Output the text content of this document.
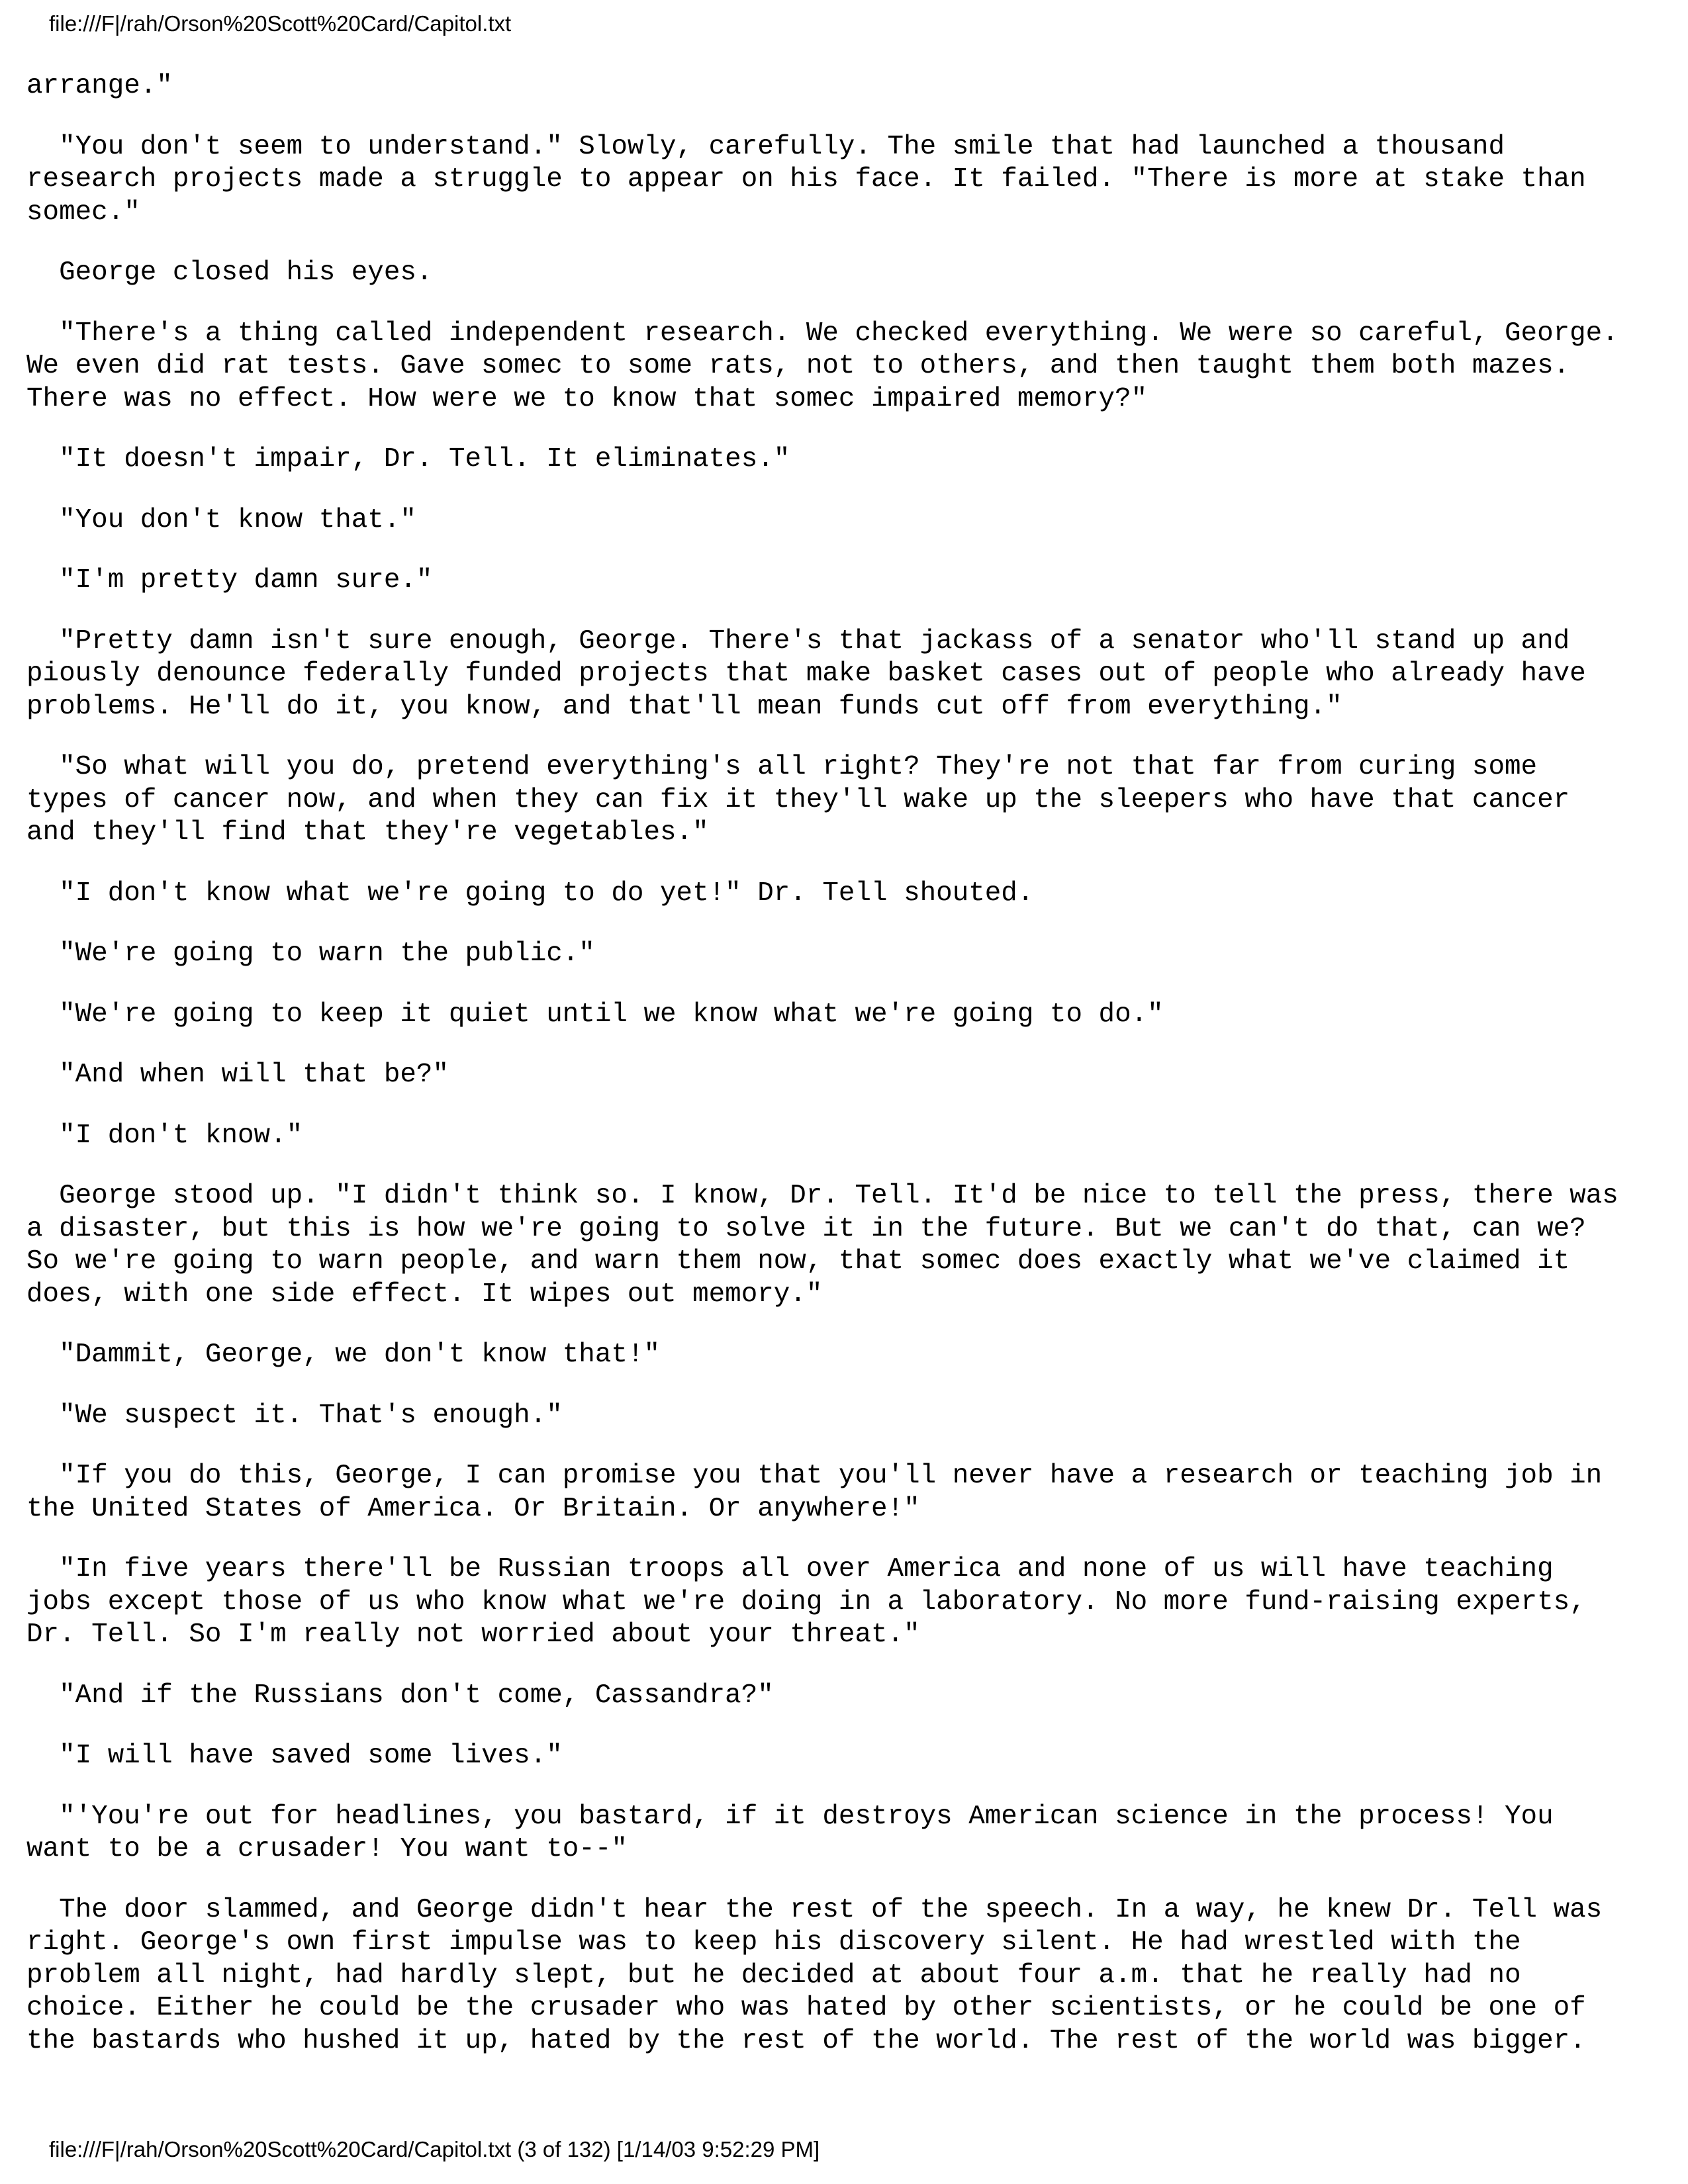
file:///F|/rah/Orson%20Scott%20Card/Capitol.txt

arrange."

"You don't seem to understand." Slowly, carefully. The smile that had launched a thousand
research projects made a struggle to appear on his face. It failed. "There is more at stake than
somec."

George closed his eyes.

"There's a thing called independent research. We checked everything. We were so careful, George.
We even did rat tests. Gave somec to some rats, not to others, and then taught them both mazes.
There was no effect. How were we to know that somec impaired memory?"

"It doesn't impair, Dr. Tell. It eliminates."

"You don't know that."

"I'm pretty damn sure."

"Pretty damn isn't sure enough, George. There's that jackass of a senator who'll stand up and
piously denounce federally funded projects that make basket cases out of people who already have
problems. He'll do it, you know, and that'll mean funds cut off from everything."

"So what will you do, pretend everything's all right? They're not that far from curing some
types of cancer now, and when they can fix it they'll wake up the sleepers who have that cancer
and they'll find that they're vegetables."

"I don't know what we're going to do yet!" Dr. Tell shouted.

"We're going to warn the public."

"We're going to keep it quiet until we know what we're going to do."

"And when will that be?"

"I don't know."

George stood up. "I didn't think so. I know, Dr. Tell. It'd be nice to tell the press, there was
a disaster, but this is how we're going to solve it in the future. But we can't do that, can we?
So we're going to warn people, and warn them now, that somec does exactly what we've claimed it
does, with one side effect. It wipes out memory."

"Dammit, George, we don't know that!"

"We suspect it. That's enough."

"If you do this, George, I can promise you that you'll never have a research or teaching job in
the United States of America. Or Britain. Or anywhere!"

"In five years there'll be Russian troops all over America and none of us will have teaching
jobs except those of us who know what we're doing in a laboratory. No more fund-raising experts,
Dr. Tell. So I'm really not worried about your threat."

"And if the Russians don't come, Cassandra?"

"I will have saved some lives."

"'You're out for headlines, you bastard, if it destroys American science in the process! You
want to be a crusader! You want to--"

The door slammed, and George didn't hear the rest of the speech. In a way, he knew Dr. Tell was
right. George's own first impulse was to keep his discovery silent. He had wrestled with the
problem all night, had hardly slept, but he decided at about four a.m. that he really had no
choice. Either he could be the crusader who was hated by other scientists, or he could be one of
the bastards who hushed it up, hated by the rest of the world. The rest of the world was bigger.

file:///F|/rah/Orson%20Scott%20Card/Capitol.txt (3 of 132) [1/14/03 9:52:29 PM]
